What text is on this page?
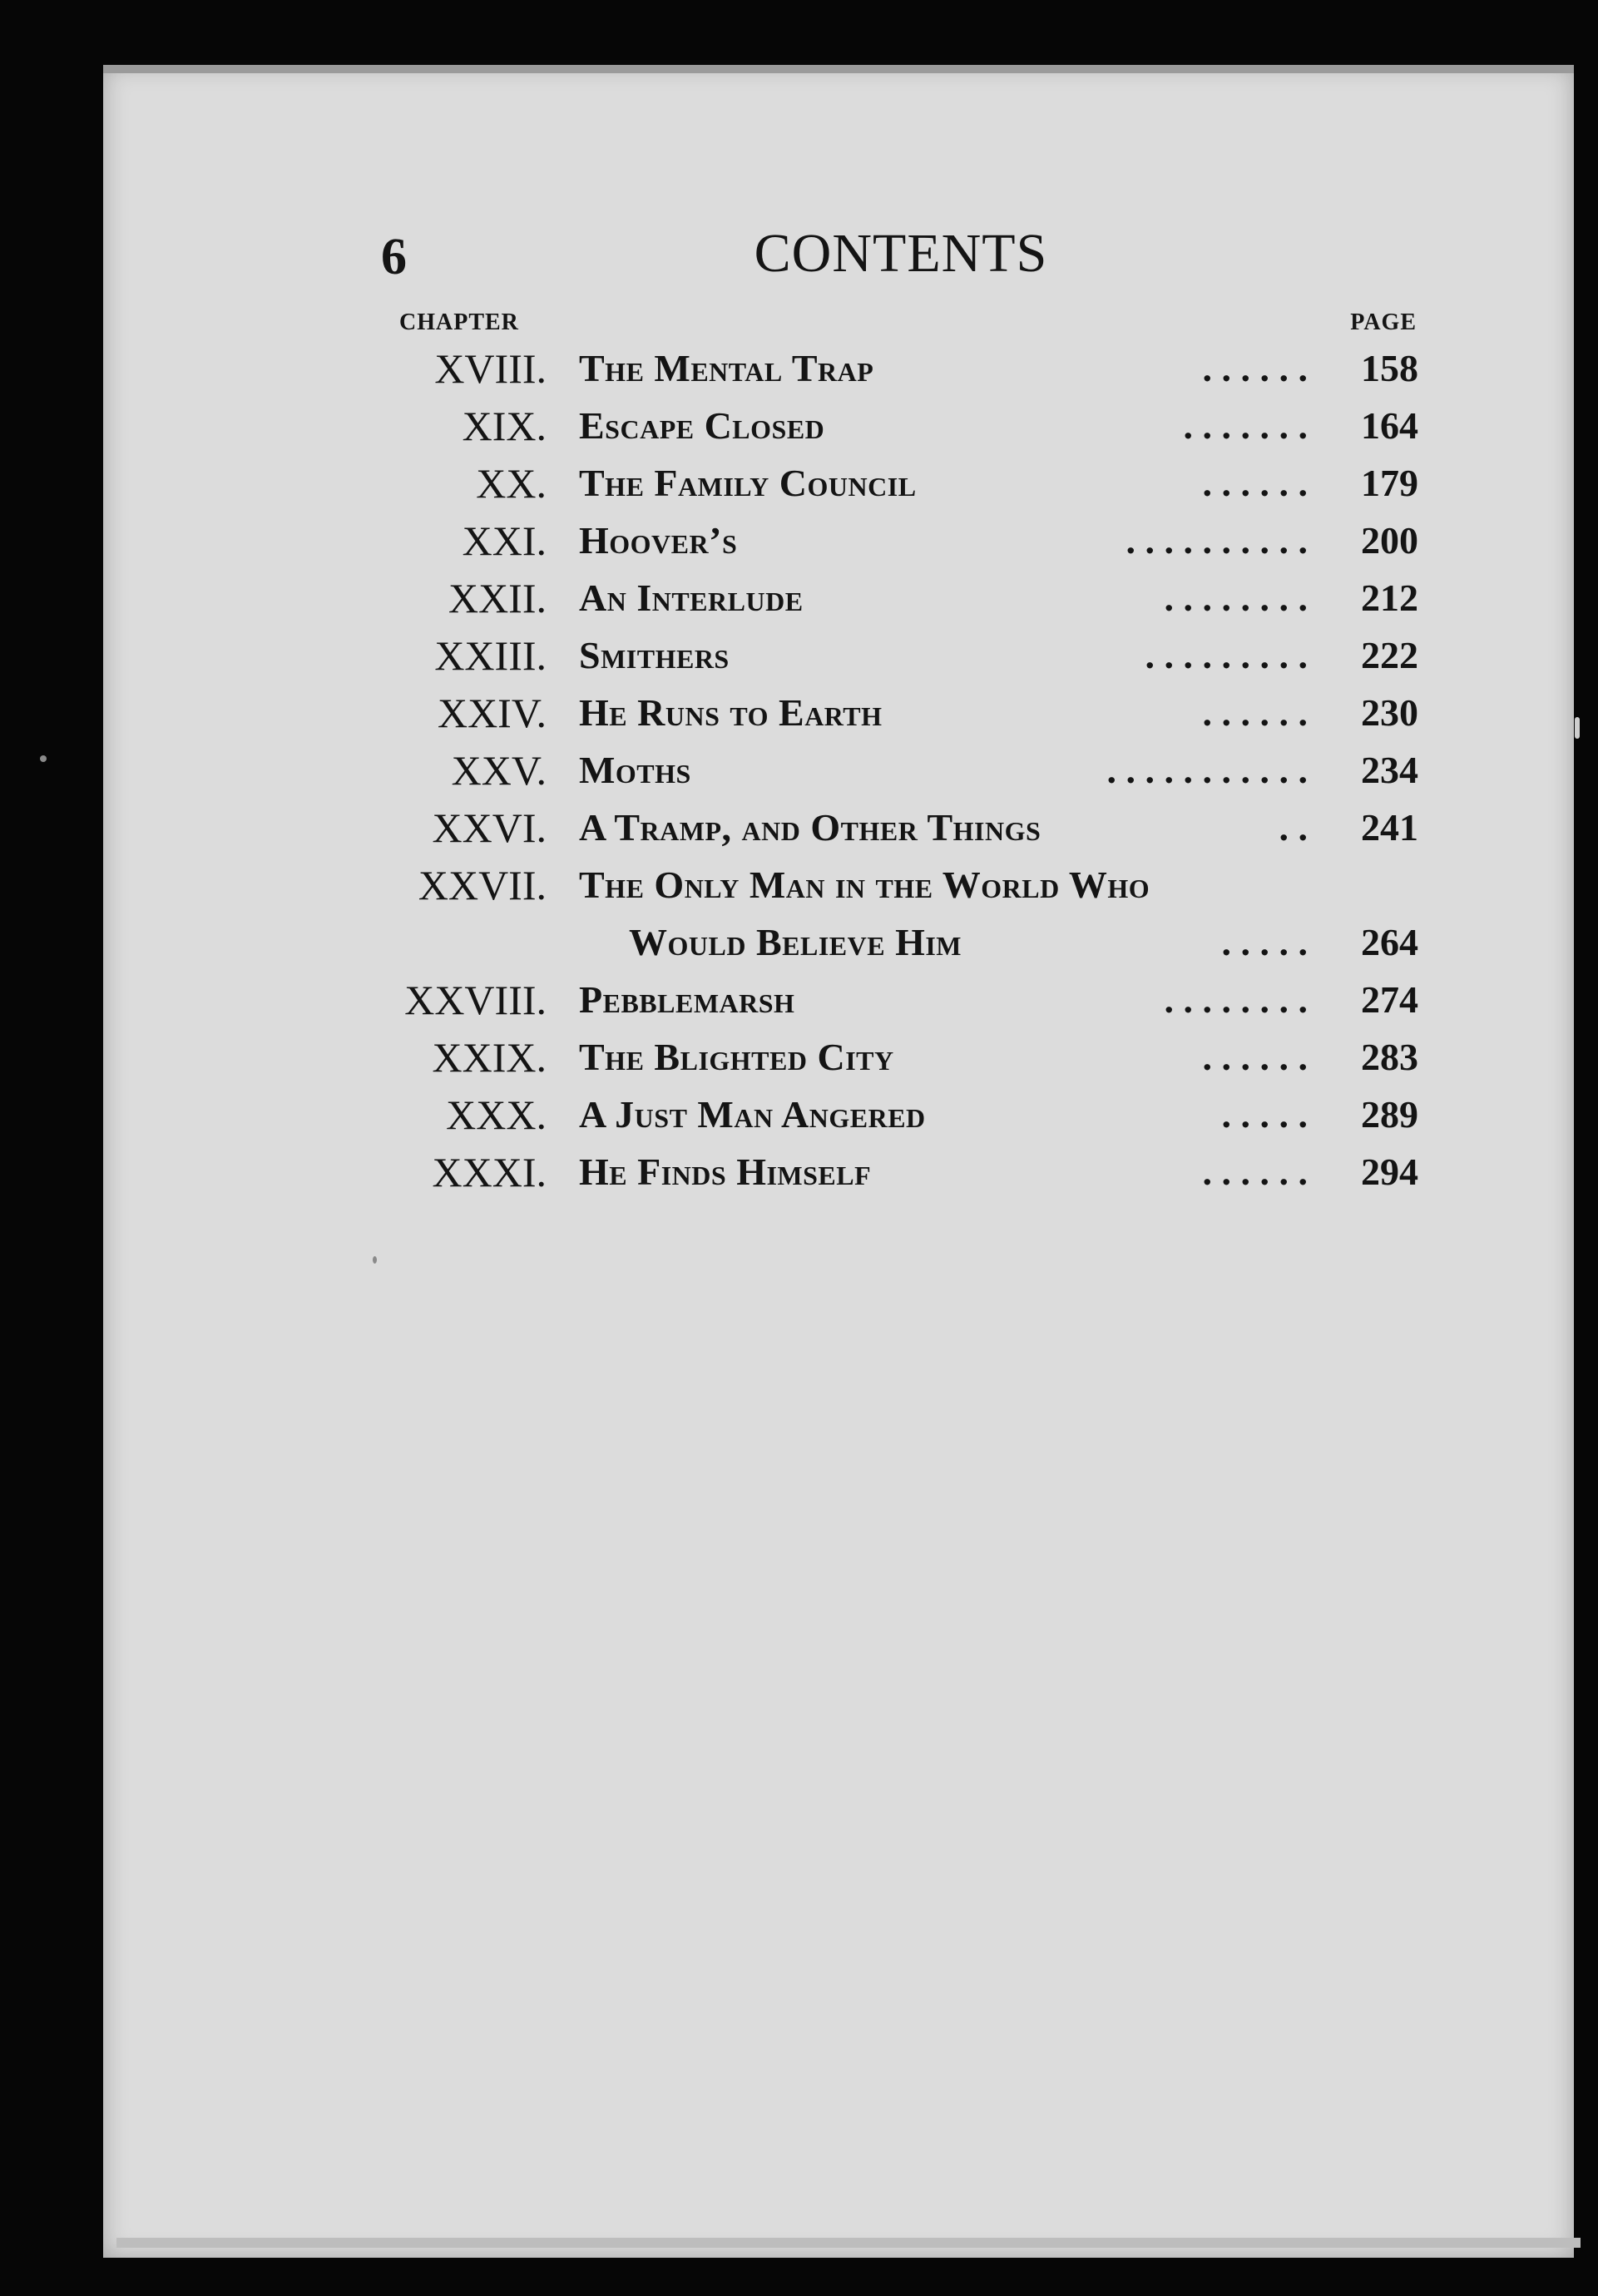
6	CONTENTS
CHAPTER	PAGE
XVIII. The Mental Trap	. . . . . . 158
XIX. Escape Closed	. . . . . . . 164
XX. The Family Council	. . . . . . 179
XXI. Hoover’s	. . . . . . . . . . 200
XXII. An Interlude	. . . . . . . . 212
XXIII. Smithers	. . . . . . . . . 222
XXIV. He Runs to Earth	. . . . . . 230
XXV. Moths	. . . . . . . . . . . 234
XXVI. A Tramp, and Other Things	. . 241
XXVII. The Only Man in the World Who
Would Believe Him	. . . . . 264
XXVIII. Pebblemarsh	. . . . . . . . 274
XXIX. The Blighted City	. . . . . . 283
XXX. A Just Man Angered	. . . . . 289
XXXI. He Finds Himself	. . . . . . 294
